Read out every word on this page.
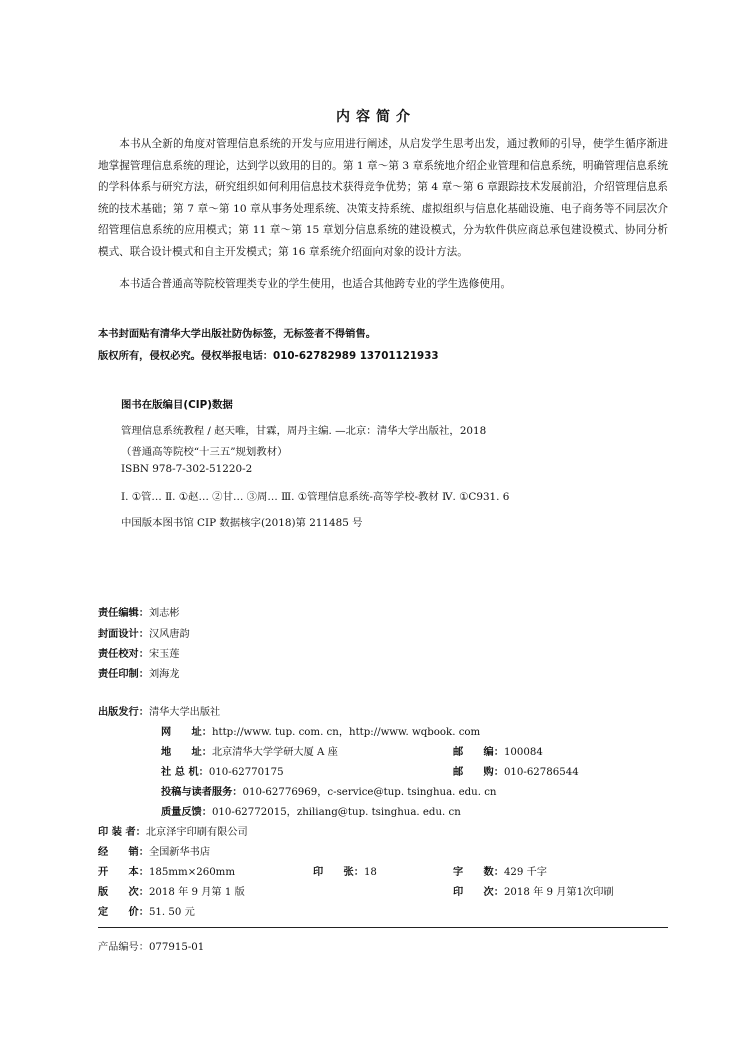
内容简介
本书从全新的角度对管理信息系统的开发与应用进行阐述，从启发学生思考出发，通过教师的引导，使学生循序渐进地掌握管理信息系统的理论，达到学以致用的目的。第 1 章～第 3 章系统地介绍企业管理和信息系统，明确管理信息系统的学科体系与研究方法，研究组织如何利用信息技术获得竞争优势；第 4 章～第 6 章跟踪技术发展前沿，介绍管理信息系统的技术基础；第 7 章～第 10 章从事务处理系统、决策支持系统、虚拟组织与信息化基础设施、电子商务等不同层次介绍管理信息系统的应用模式；第 11 章～第 15 章划分信息系统的建设模式，分为软件供应商总承包建设模式、协同分析模式、联合设计模式和自主开发模式；第 16 章系统介绍面向对象的设计方法。
本书适合普通高等院校管理类专业的学生使用，也适合其他跨专业的学生选修使用。
本书封面贴有清华大学出版社防伪标签，无标签者不得销售。
版权所有，侵权必究。侵权举报电话：010-62782989 13701121933
图书在版编目(CIP)数据
管理信息系统教程 / 赵天唯，甘霖，周丹主编. —北京：清华大学出版社，2018
（普通高等院校“十三五”规划教材）
ISBN 978-7-302-51220-2
Ⅰ. ①管… Ⅱ. ①赵… ②甘… ③周… Ⅲ. ①管理信息系统-高等学校-教材 Ⅳ. ①C931. 6
中国版本图书馆 CIP 数据核字(2018)第 211485 号
责任编辑：刘志彬
封面设计：汉风唐韵
责任校对：宋玉莲
责任印制：刘海龙
出版发行：清华大学出版社
网　　址：http://www. tup. com. cn，http://www. wqbook. com
地　　址：北京清华大学学研大厦 A 座	邮　　编：100084
社 总 机：010-62770175	邮　　购：010-62786544
投稿与读者服务：010-62776969，c-service@tup. tsinghua. edu. cn
质量反馈：010-62772015，zhiliang@tup. tsinghua. edu. cn
印 装 者：北京泽宇印刷有限公司
经　　销：全国新华书店
开　　本：185mm×260mm	印　　张：18	字　　数：429 千字
版　　次：2018 年 9 月第 1 版	印　　次：2018 年 9 月第1次印刷
定　　价：51. 50 元
产品编号：077915-01
